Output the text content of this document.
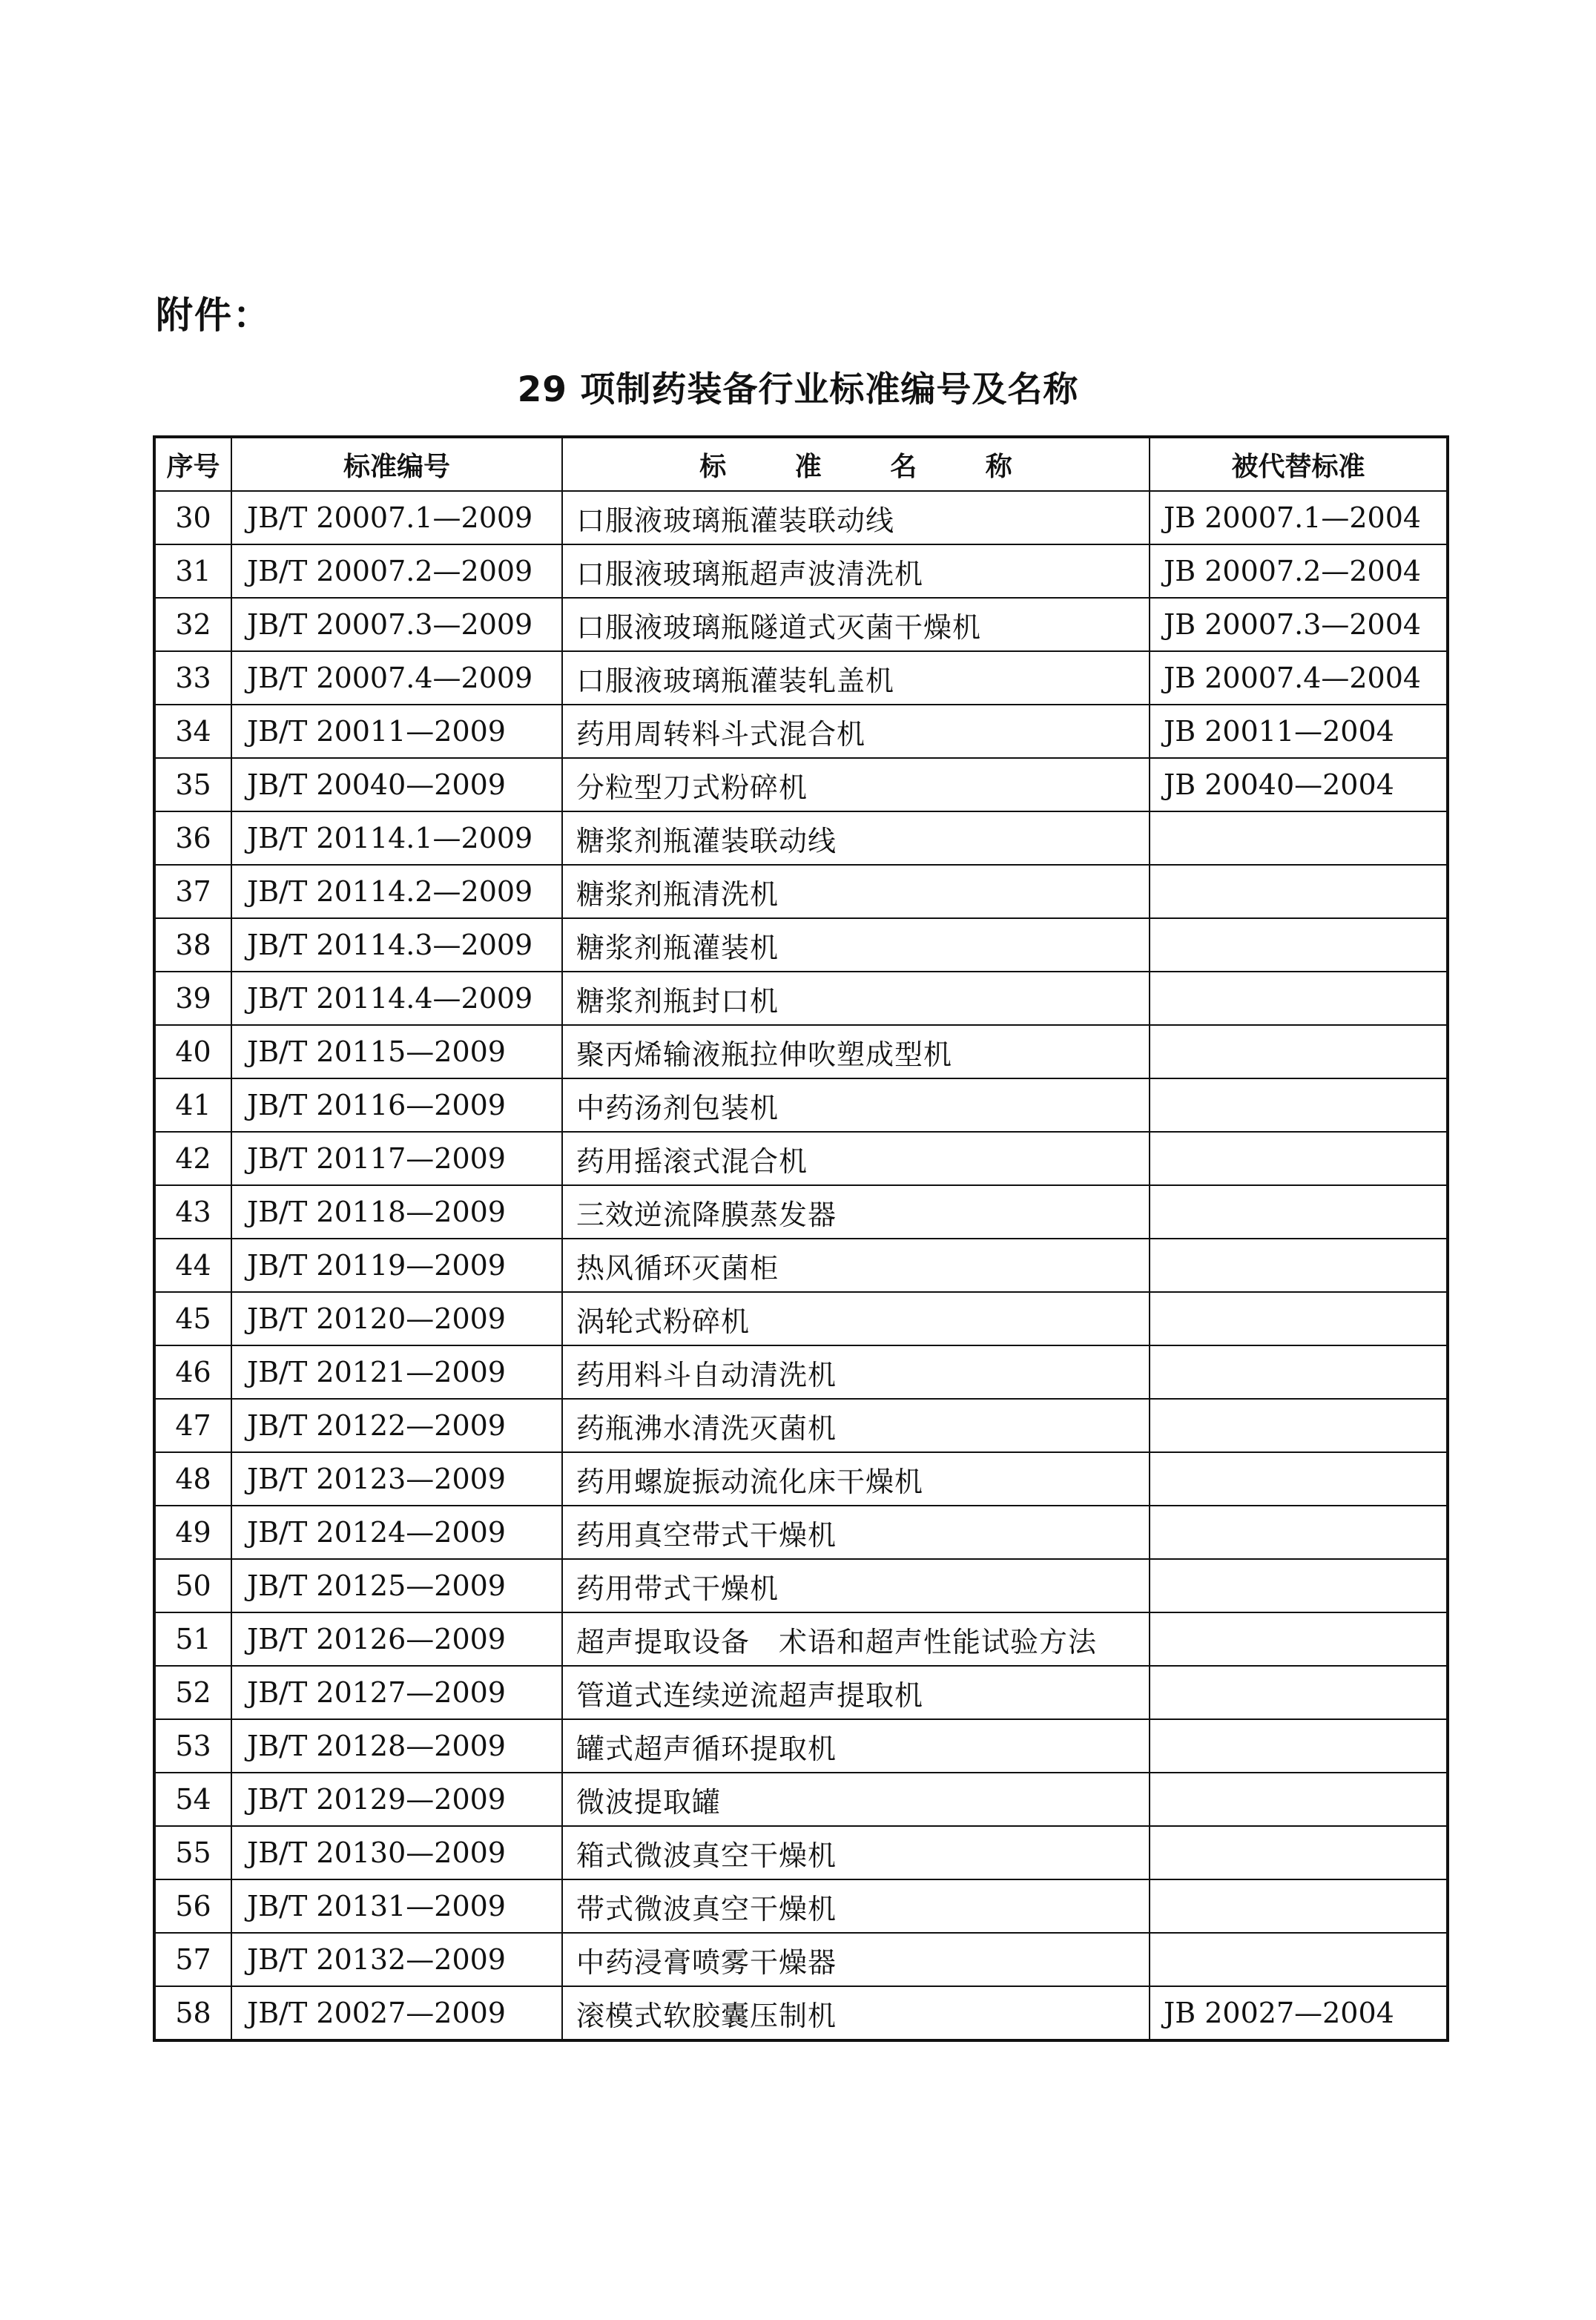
附件：
29 项制药装备行业标准编号及名称
序号	标准编号	标 准 名 称	被代替标准
30	JB/T 20007.1—2009	口服液玻璃瓶灌装联动线	JB 20007.1—2004
31	JB/T 20007.2—2009	口服液玻璃瓶超声波清洗机	JB 20007.2—2004
32	JB/T 20007.3—2009	口服液玻璃瓶隧道式灭菌干燥机	JB 20007.3—2004
33	JB/T 20007.4—2009	口服液玻璃瓶灌装轧盖机	JB 20007.4—2004
34	JB/T 20011—2009	药用周转料斗式混合机	JB 20011—2004
35	JB/T 20040—2009	分粒型刀式粉碎机	JB 20040—2004
36	JB/T 20114.1—2009	糖浆剂瓶灌装联动线	
37	JB/T 20114.2—2009	糖浆剂瓶清洗机	
38	JB/T 20114.3—2009	糖浆剂瓶灌装机	
39	JB/T 20114.4—2009	糖浆剂瓶封口机	
40	JB/T 20115—2009	聚丙烯输液瓶拉伸吹塑成型机	
41	JB/T 20116—2009	中药汤剂包装机	
42	JB/T 20117—2009	药用摇滚式混合机	
43	JB/T 20118—2009	三效逆流降膜蒸发器	
44	JB/T 20119—2009	热风循环灭菌柜	
45	JB/T 20120—2009	涡轮式粉碎机	
46	JB/T 20121—2009	药用料斗自动清洗机	
47	JB/T 20122—2009	药瓶沸水清洗灭菌机	
48	JB/T 20123—2009	药用螺旋振动流化床干燥机	
49	JB/T 20124—2009	药用真空带式干燥机	
50	JB/T 20125—2009	药用带式干燥机	
51	JB/T 20126—2009	超声提取设备　术语和超声性能试验方法	
52	JB/T 20127—2009	管道式连续逆流超声提取机	
53	JB/T 20128—2009	罐式超声循环提取机	
54	JB/T 20129—2009	微波提取罐	
55	JB/T 20130—2009	箱式微波真空干燥机	
56	JB/T 20131—2009	带式微波真空干燥机	
57	JB/T 20132—2009	中药浸膏喷雾干燥器	
58	JB/T 20027—2009	滚模式软胶囊压制机	JB 20027—2004
